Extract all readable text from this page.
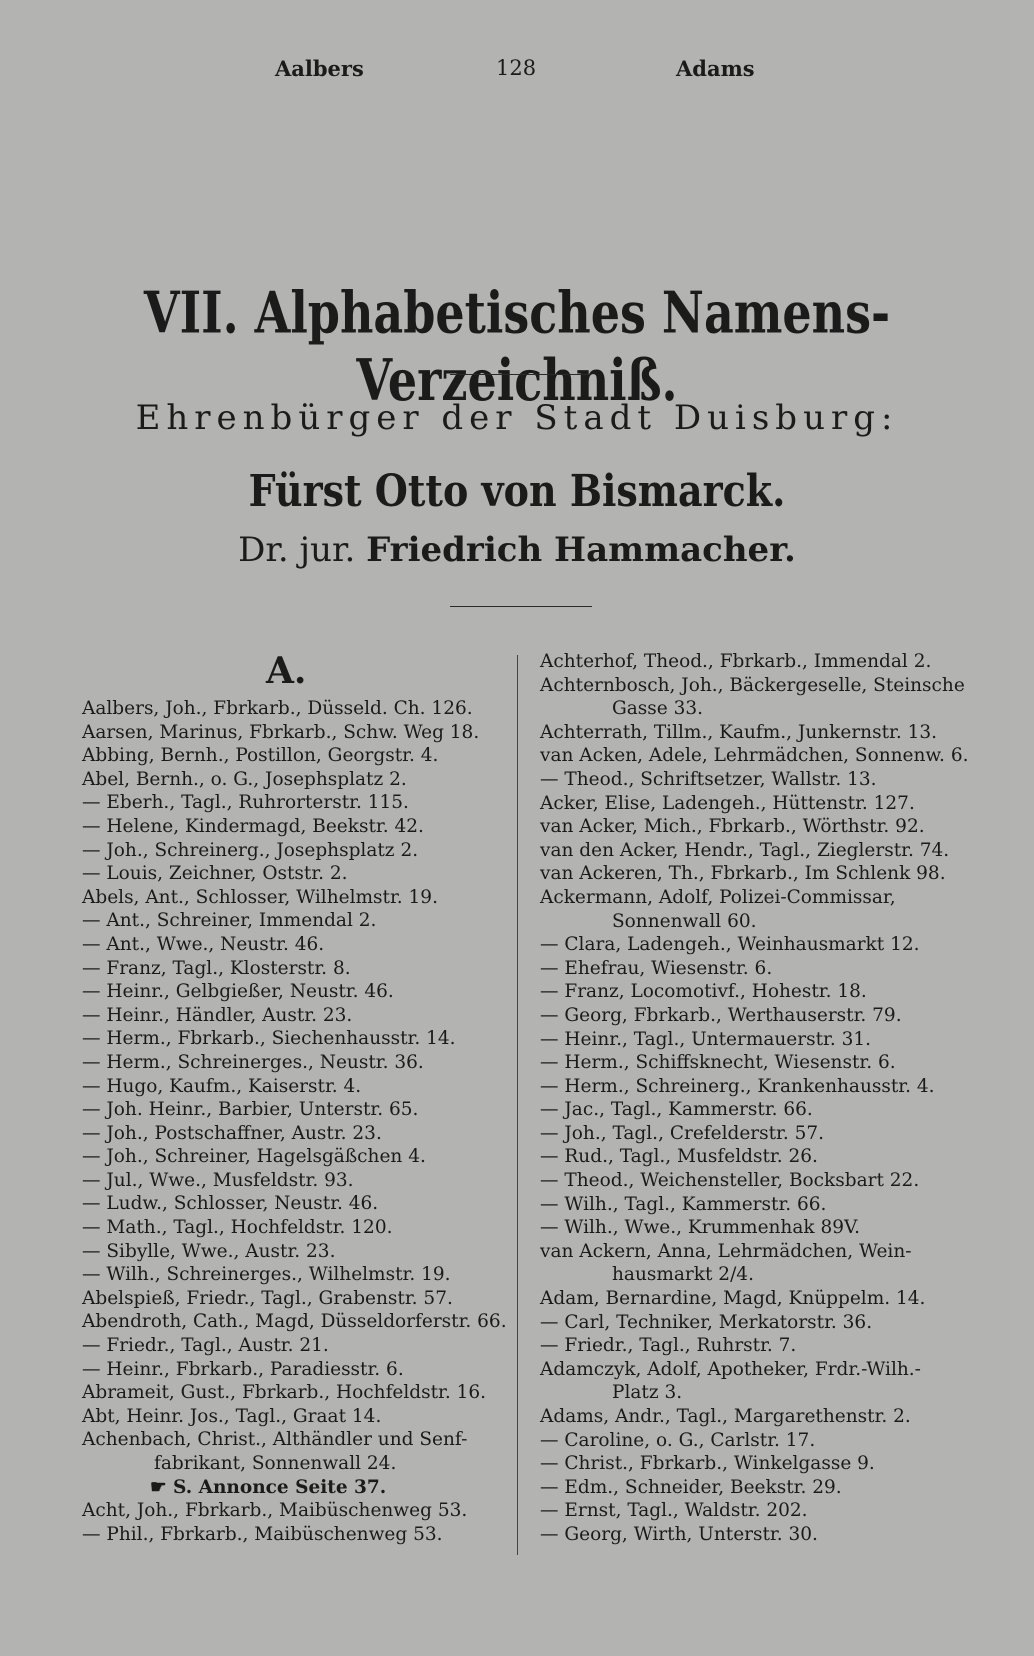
Aalbers	128	Adams
VII. Alphabetisches Namens-Verzeichniß.
Ehrenbürger der Stadt Duisburg:
Fürst Otto von Bismarck.
Dr. jur. Friedrich Hammacher.
A.
Aalbers, Joh., Fbrkarb., Düsseld. Ch. 126.
Aarsen, Marinus, Fbrkarb., Schw. Weg 18.
Abbing, Bernh., Postillon, Georgstr. 4.
Abel, Bernh., o. G., Josephsplatz 2.
— Eberh., Tagl., Ruhrorterstr. 115.
— Helene, Kindermagd, Beekstr. 42.
— Joh., Schreinerg., Josephsplatz 2.
— Louis, Zeichner, Oststr. 2.
Abels, Ant., Schlosser, Wilhelmstr. 19.
— Ant., Schreiner, Immendal 2.
— Ant., Wwe., Neustr. 46.
— Franz, Tagl., Klosterstr. 8.
— Heinr., Gelbgießer, Neustr. 46.
— Heinr., Händler, Austr. 23.
— Herm., Fbrkarb., Siechenhausstr. 14.
— Herm., Schreinerges., Neustr. 36.
— Hugo, Kaufm., Kaiserstr. 4.
— Joh. Heinr., Barbier, Unterstr. 65.
— Joh., Postschaffner, Austr. 23.
— Joh., Schreiner, Hagelsgäßchen 4.
— Jul., Wwe., Musfeldstr. 93.
— Ludw., Schlosser, Neustr. 46.
— Math., Tagl., Hochfeldstr. 120.
— Sibylle, Wwe., Austr. 23.
— Wilh., Schreinerges., Wilhelmstr. 19.
Abelspieß, Friedr., Tagl., Grabenstr. 57.
Abendroth, Cath., Magd, Düsseldorferstr. 66.
— Friedr., Tagl., Austr. 21.
— Heinr., Fbrkarb., Paradiesstr. 6.
Abrameit, Gust., Fbrkarb., Hochfeldstr. 16.
Abt, Heinr. Jos., Tagl., Graat 14.
Achenbach, Christ., Althändler und Senf-
fabrikant, Sonnenwall 24.
☛ S. Annonce Seite 37.
Acht, Joh., Fbrkarb., Maibüschenweg 53.
— Phil., Fbrkarb., Maibüschenweg 53.
Achterhof, Theod., Fbrkarb., Immendal 2.
Achternbosch, Joh., Bäckergeselle, Steinsche
Gasse 33.
Achterrath, Tillm., Kaufm., Junkernstr. 13.
van Acken, Adele, Lehrmädchen, Sonnenw. 6.
— Theod., Schriftsetzer, Wallstr. 13.
Acker, Elise, Ladengeh., Hüttenstr. 127.
van Acker, Mich., Fbrkarb., Wörthstr. 92.
van den Acker, Hendr., Tagl., Zieglerstr. 74.
van Ackeren, Th., Fbrkarb., Im Schlenk 98.
Ackermann, Adolf, Polizei-Commissar,
Sonnenwall 60.
— Clara, Ladengeh., Weinhausmarkt 12.
— Ehefrau, Wiesenstr. 6.
— Franz, Locomotivf., Hohestr. 18.
— Georg, Fbrkarb., Werthauserstr. 79.
— Heinr., Tagl., Untermauerstr. 31.
— Herm., Schiffsknecht, Wiesenstr. 6.
— Herm., Schreinerg., Krankenhausstr. 4.
— Jac., Tagl., Kammerstr. 66.
— Joh., Tagl., Crefelderstr. 57.
— Rud., Tagl., Musfeldstr. 26.
— Theod., Weichensteller, Bocksbart 22.
— Wilh., Tagl., Kammerstr. 66.
— Wilh., Wwe., Krummenhak 89V.
van Ackern, Anna, Lehrmädchen, Wein-
hausmarkt 2/4.
Adam, Bernardine, Magd, Knüppelm. 14.
— Carl, Techniker, Merkatorstr. 36.
— Friedr., Tagl., Ruhrstr. 7.
Adamczyk, Adolf, Apotheker, Frdr.-Wilh.-
Platz 3.
Adams, Andr., Tagl., Margarethenstr. 2.
— Caroline, o. G., Carlstr. 17.
— Christ., Fbrkarb., Winkelgasse 9.
— Edm., Schneider, Beekstr. 29.
— Ernst, Tagl., Waldstr. 202.
— Georg, Wirth, Unterstr. 30.
